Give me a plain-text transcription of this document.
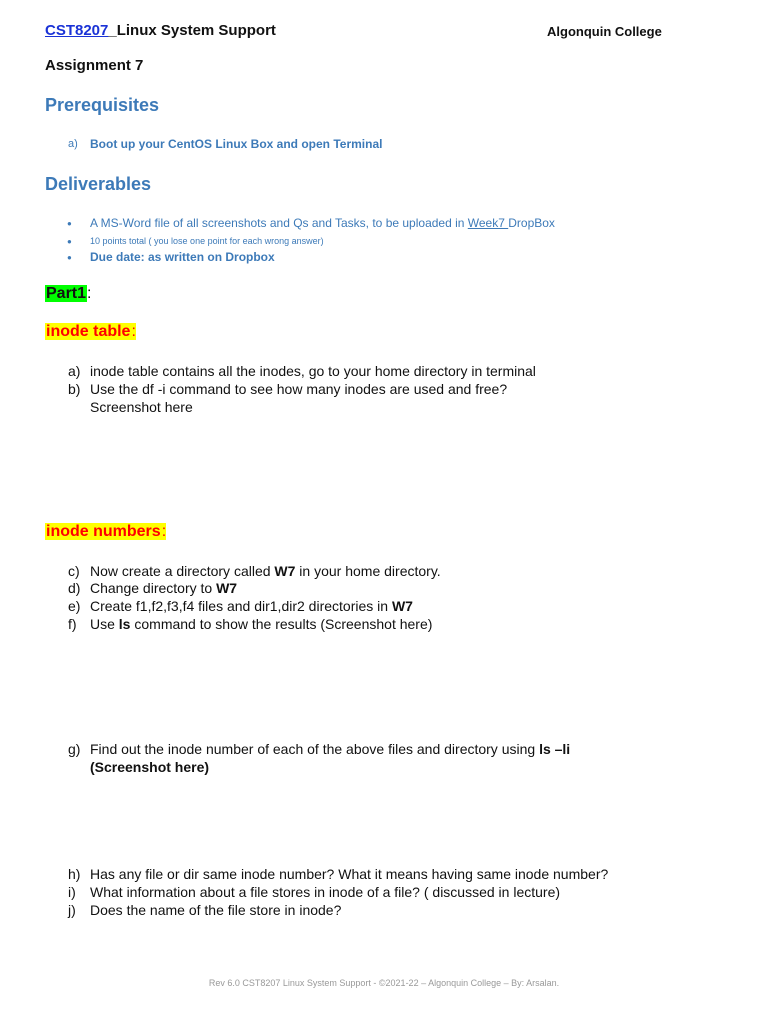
CST8207_Linux System Support	Algonquin College
Assignment 7
Prerequisites
a) Boot up your CentOS Linux Box and open Terminal
Deliverables
● A MS-Word file of all screenshots and Qs and Tasks, to be uploaded in Week7 DropBox
● 10 points total ( you lose one point for each wrong answer)
● Due date: as written on Dropbox
Part1:
inode table:
a) inode table contains all the inodes, go to your home directory in terminal
b) Use the df -i command to see how many inodes are used and free?
Screenshot here
inode numbers:
c) Now create a directory called W7 in your home directory.
d) Change directory to W7
e) Create f1,f2,f3,f4 files and dir1,dir2 directories in W7
f) Use ls command to show the results (Screenshot here)
g) Find out the inode number of each of the above files and directory using ls –li
(Screenshot here)
h) Has any file or dir same inode number? What it means having same inode number?
i) What information about a file stores in inode of a file? ( discussed in lecture)
j) Does the name of the file store in inode?
Rev 6.0 CST8207 Linux System Support - ©2021-22 – Algonquin College – By: Arsalan.
